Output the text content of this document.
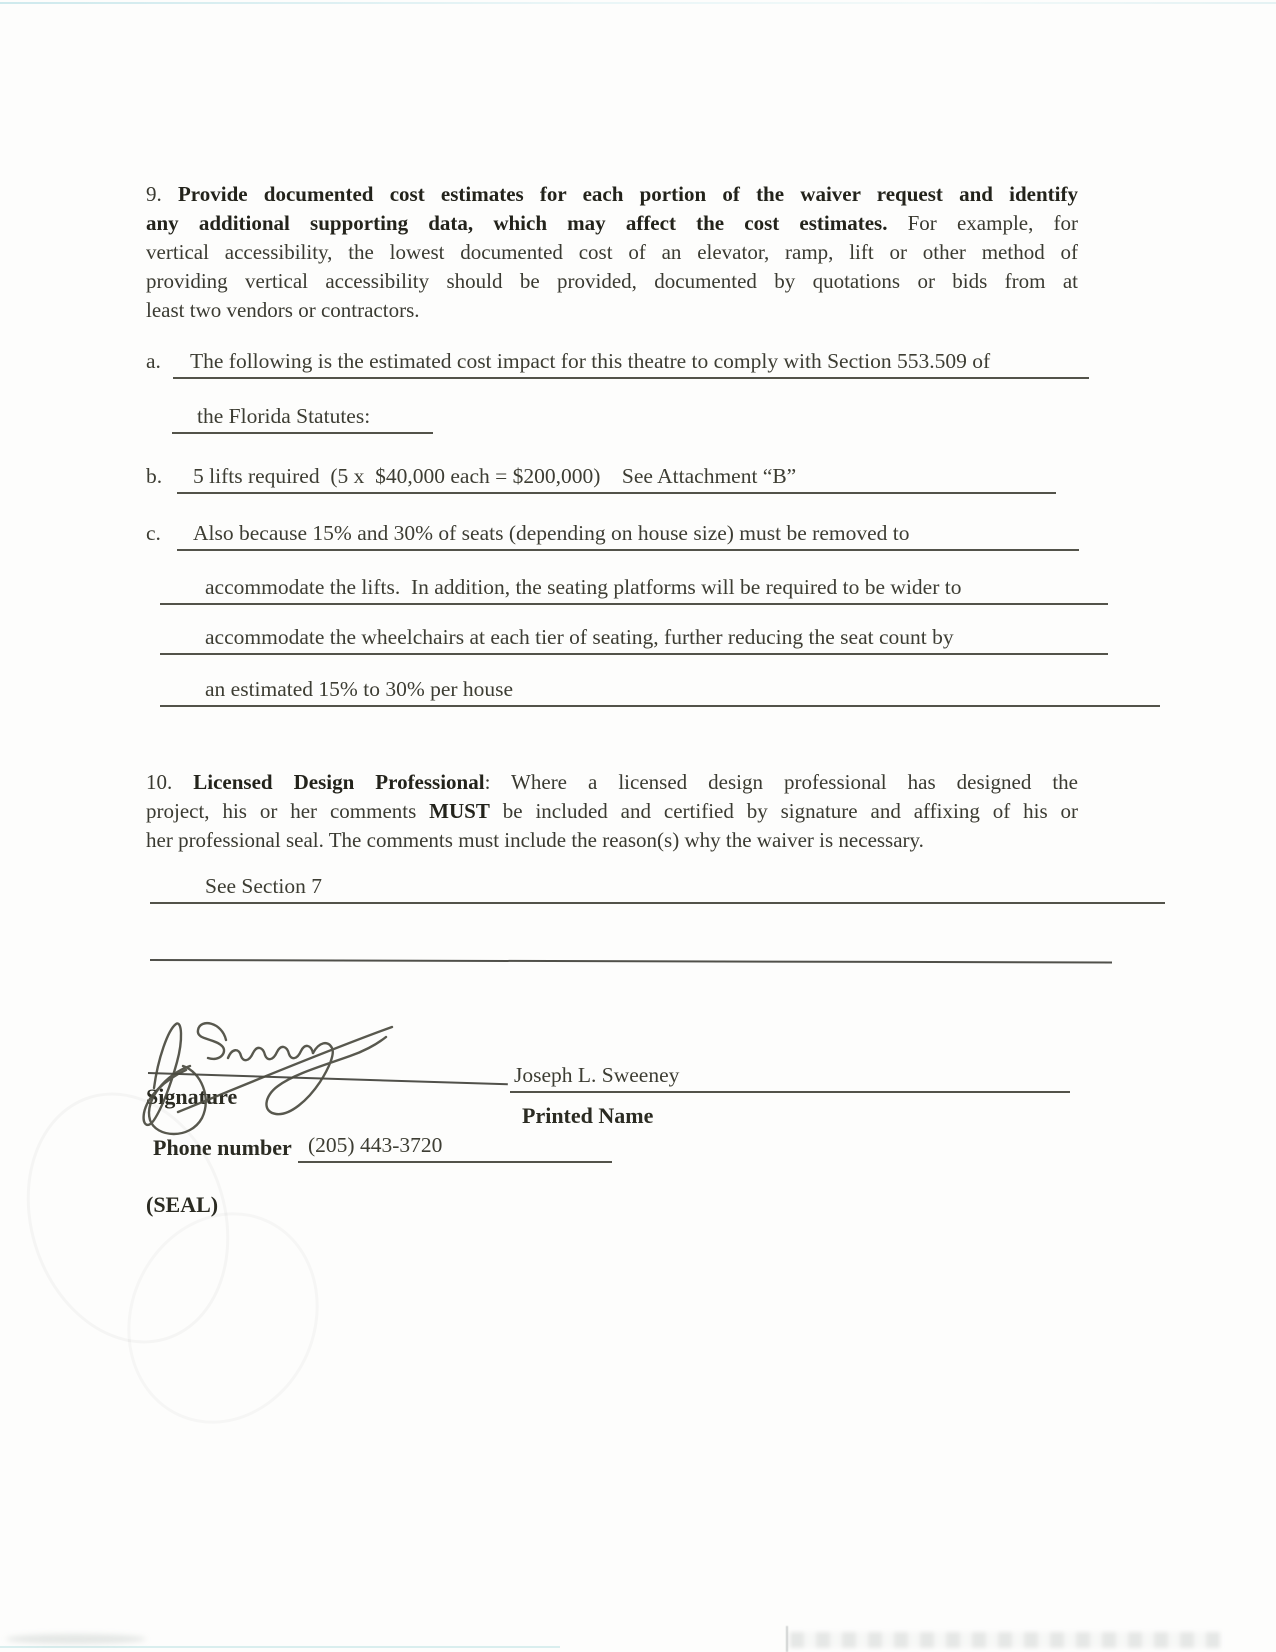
9. Provide documented cost estimates for each portion of the waiver request and identify
any additional supporting data, which may affect the cost estimates. For example, for
vertical accessibility, the lowest documented cost of an elevator, ramp, lift or other method of
providing vertical accessibility should be provided, documented by quotations or bids from at
least two vendors or contractors.
a.	The following is the estimated cost impact for this theatre to comply with Section 553.509 of
the Florida Statutes:
b.	5 lifts required  (5 x  $40,000 each = $200,000)    See Attachment “B”
c.	Also because 15% and 30% of seats (depending on house size) must be removed to
accommodate the lifts.  In addition, the seating platforms will be required to be wider to
accommodate the wheelchairs at each tier of seating, further reducing the seat count by
an estimated 15% to 30% per house
10. Licensed Design Professional: Where a licensed design professional has designed the
project, his or her comments MUST be included and certified by signature and affixing of his or
her professional seal. The comments must include the reason(s) why the waiver is necessary.
See Section 7
Signature
Joseph L. Sweeney
Printed Name
Phone number (205) 443-3720
(SEAL)
